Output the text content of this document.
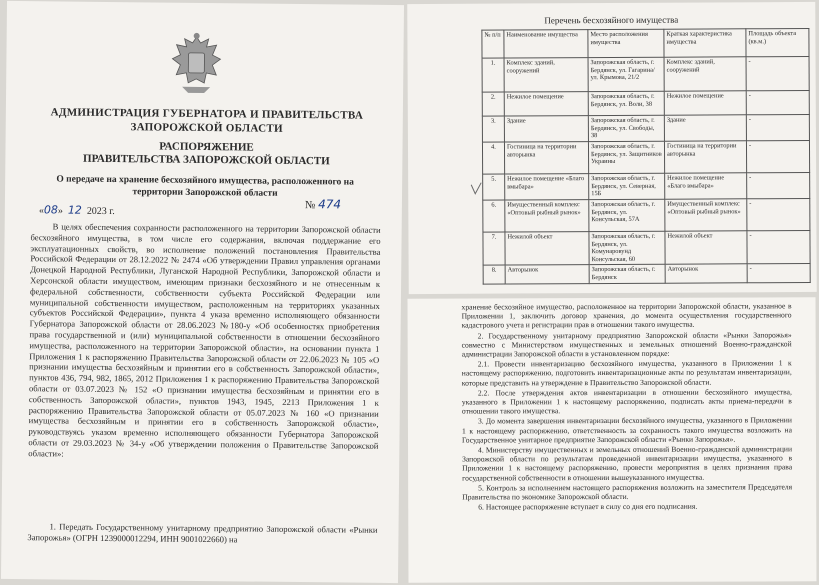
АДМИНИСТРАЦИЯ ГУБЕРНАТОРА И ПРАВИТЕЛЬСТВА
ЗАПОРОЖСКОЙ ОБЛАСТИ
РАСПОРЯЖЕНИЕ
ПРАВИТЕЛЬСТВА ЗАПОРОЖСКОЙ ОБЛАСТИ
О передаче на хранение бесхозяйного имущества, расположенного на
территории Запорожской области
«08» 12 2023 г.
№ 474
В целях обеспечения сохранности расположенного на территории Запорожской области бесхозяйного имущества, в том числе его содержания, включая поддержание его эксплуатационных свойств, во исполнение положений постановления Правительства Российской Федерации от 28.12.2022 № 2474 «Об утверждении Правил управления органами Донецкой Народной Республики, Луганской Народной Республики, Запорожской области и Херсонской области имуществом, имеющим признаки бесхозяйного и не отнесенным к федеральной собственности, собственности субъекта Российской Федерации или муниципальной собственности имуществом, расположенным на территориях указанных субъектов Российской Федерации», пункта 4 указа временно исполняющего обязанности Губернатора Запорожской области от 28.06.2023 №180-у «Об особенностях приобретения права государственной и (или) муниципальной собственности в отношении бесхозяйного имущества, расположенного на территории Запорожской области», на основании пункта 1 Приложения 1 к распоряжению Правительства Запорожской области от 22.06.2023 № 105 «О признании имущества бесхозяйным и принятии его в собственность Запорожской области», пунктов 436, 794, 982, 1865, 2012 Приложения 1 к распоряжению Правительства Запорожской области от 03.07.2023 № 152 «О признании имущества бесхозяйным и принятии его в собственность Запорожской области», пунктов 1943, 1945, 2213 Приложения 1 к распоряжению Правительства Запорожской области от 05.07.2023 № 160 «О признании имущества бесхозяйным и принятии его в собственность Запорожской области», руководствуясь указом временно исполняющего обязанности Губернатора Запорожской области от 29.03.2023 № 34-у «Об утверждении положения о Правительстве Запорожской области»:
1. Передать Государственному унитарному предприятию Запорожской области «Рынки Запорожья» (ОГРН 1239000012294, ИНН 9001022660) на
Перечень бесхозяйного имущества
№ п/п	Наименование имущества	Место расположения имущества	Краткая характеристика имущества	Площадь объекта (кв.м.)
1.	Комплекс зданий, сооружений	Запорожская область, г. Бердянск, ул. Гагарина/ул. Крымова, 21/2	Комплекс зданий, сооружений	-
2.	Нежилое помещение	Запорожская область, г. Бердянск, ул. Воли, 38	Нежилое помещение	-
3.	Здание	Запорожская область, г. Бердянск, ул. Свободы, 38	Здание	-
4.	Гостиница на территории авторынка	Запорожская область, г. Бердянск, ул. Защитников Украины	Гостиница на территории авторынка	-
5.	Нежилое помещение «Благо вмыбара»	Запорожская область, г. Бердянск, ул. Северная, 15Б	Нежилое помещение «Благо вмыбара»	-
6.	Имущественный комплекс «Оптовый рыбный рынок»	Запорожская область, г. Бердянск, ул. Консульская, 57А	Имущественный комплекс «Оптовый рыбный рынок»	-
7.	Нежилой объект	Запорожская область, г. Бердянск, ул. Комунаровунд Консульская, 60	Нежилой объект	-
8.	Авторынок	Запорожская область, г. Бердянск	Авторынок	-

хранение бесхозяйное имущество, расположенное на территории Запорожской области, указанное в Приложении 1, заключить договор хранения, до момента осуществления государственного кадастрового учета и регистрации прав в отношении такого имущества.

2. Государственному унитарному предприятию Запорожской области «Рынки Запорожья» совместно с Министерством имущественных и земельных отношений Военно-гражданской администрации Запорожской области в установленном порядке:

2.1. Провести инвентаризацию бесхозяйного имущества, указанного в Приложении 1 к настоящему распоряжению, подготовить инвентаризационные акты по результатам инвентаризации, которые представить на утверждение в Правительство Запорожской области.

2.2. После утверждения актов инвентаризации в отношении бесхозяйного имущества, указанного в Приложении 1 к настоящему распоряжению, подписать акты приема-передачи в отношении такого имущества.

3. До момента завершения инвентаризации бесхозяйного имущества, указанного в Приложении 1 к настоящему распоряжению, ответственность за сохранность такого имущества возложить на Государственное унитарное предприятие Запорожской области «Рынки Запорожья».

4. Министерству имущественных и земельных отношений Военно-гражданской администрации Запорожской области по результатам проведенной инвентаризации имущества, указанного в Приложении 1 к настоящему распоряжению, провести мероприятия в целях признания права государственной собственности в отношении вышеуказанного имущества.

5. Контроль за исполнением настоящего распоряжения возложить на заместителя Председателя Правительства по экономике Запорожской области.

6. Настоящее распоряжение вступает в силу со дня его подписания.
